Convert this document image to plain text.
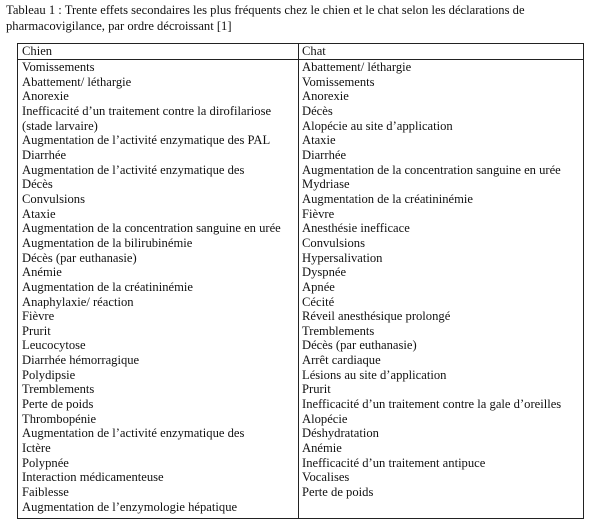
Tableau 1 : Trente effets secondaires les plus fréquents chez le chien et le chat selon les déclarations de pharmacovigilance, par ordre décroissant [1]

Chien	Chat
Vomissements
Abattement/ léthargie
Anorexie
Inefficacité d’un traitement contre la dirofilariose
(stade larvaire)
Augmentation de l’activité enzymatique des PAL
Diarrhée
Augmentation de l’activité enzymatique des
Décès
Convulsions
Ataxie
Augmentation de la concentration sanguine en urée
Augmentation de la bilirubinémie
Décès (par euthanasie)
Anémie
Augmentation de la créatininémie
Anaphylaxie/ réaction
Fièvre
Prurit
Leucocytose
Diarrhée hémorragique
Polydipsie
Tremblements
Perte de poids
Thrombopénie
Augmentation de l’activité enzymatique des
Ictère
Polypnée
Interaction médicamenteuse
Faiblesse
Augmentation de l’enzymologie hépatique
Abattement/ léthargie
Vomissements
Anorexie
Décès
Alopécie au site d’application
Ataxie
Diarrhée
Augmentation de la concentration sanguine en urée
Mydriase
Augmentation de la créatininémie
Fièvre
Anesthésie inefficace
Convulsions
Hypersalivation
Dyspnée
Apnée
Cécité
Réveil anesthésique prolongé
Tremblements
Décès (par euthanasie)
Arrêt cardiaque
Lésions au site d’application
Prurit
Inefficacité d’un traitement contre la gale d’oreilles
Alopécie
Déshydratation
Anémie
Inefficacité d’un traitement antipuce
Vocalises
Perte de poids
